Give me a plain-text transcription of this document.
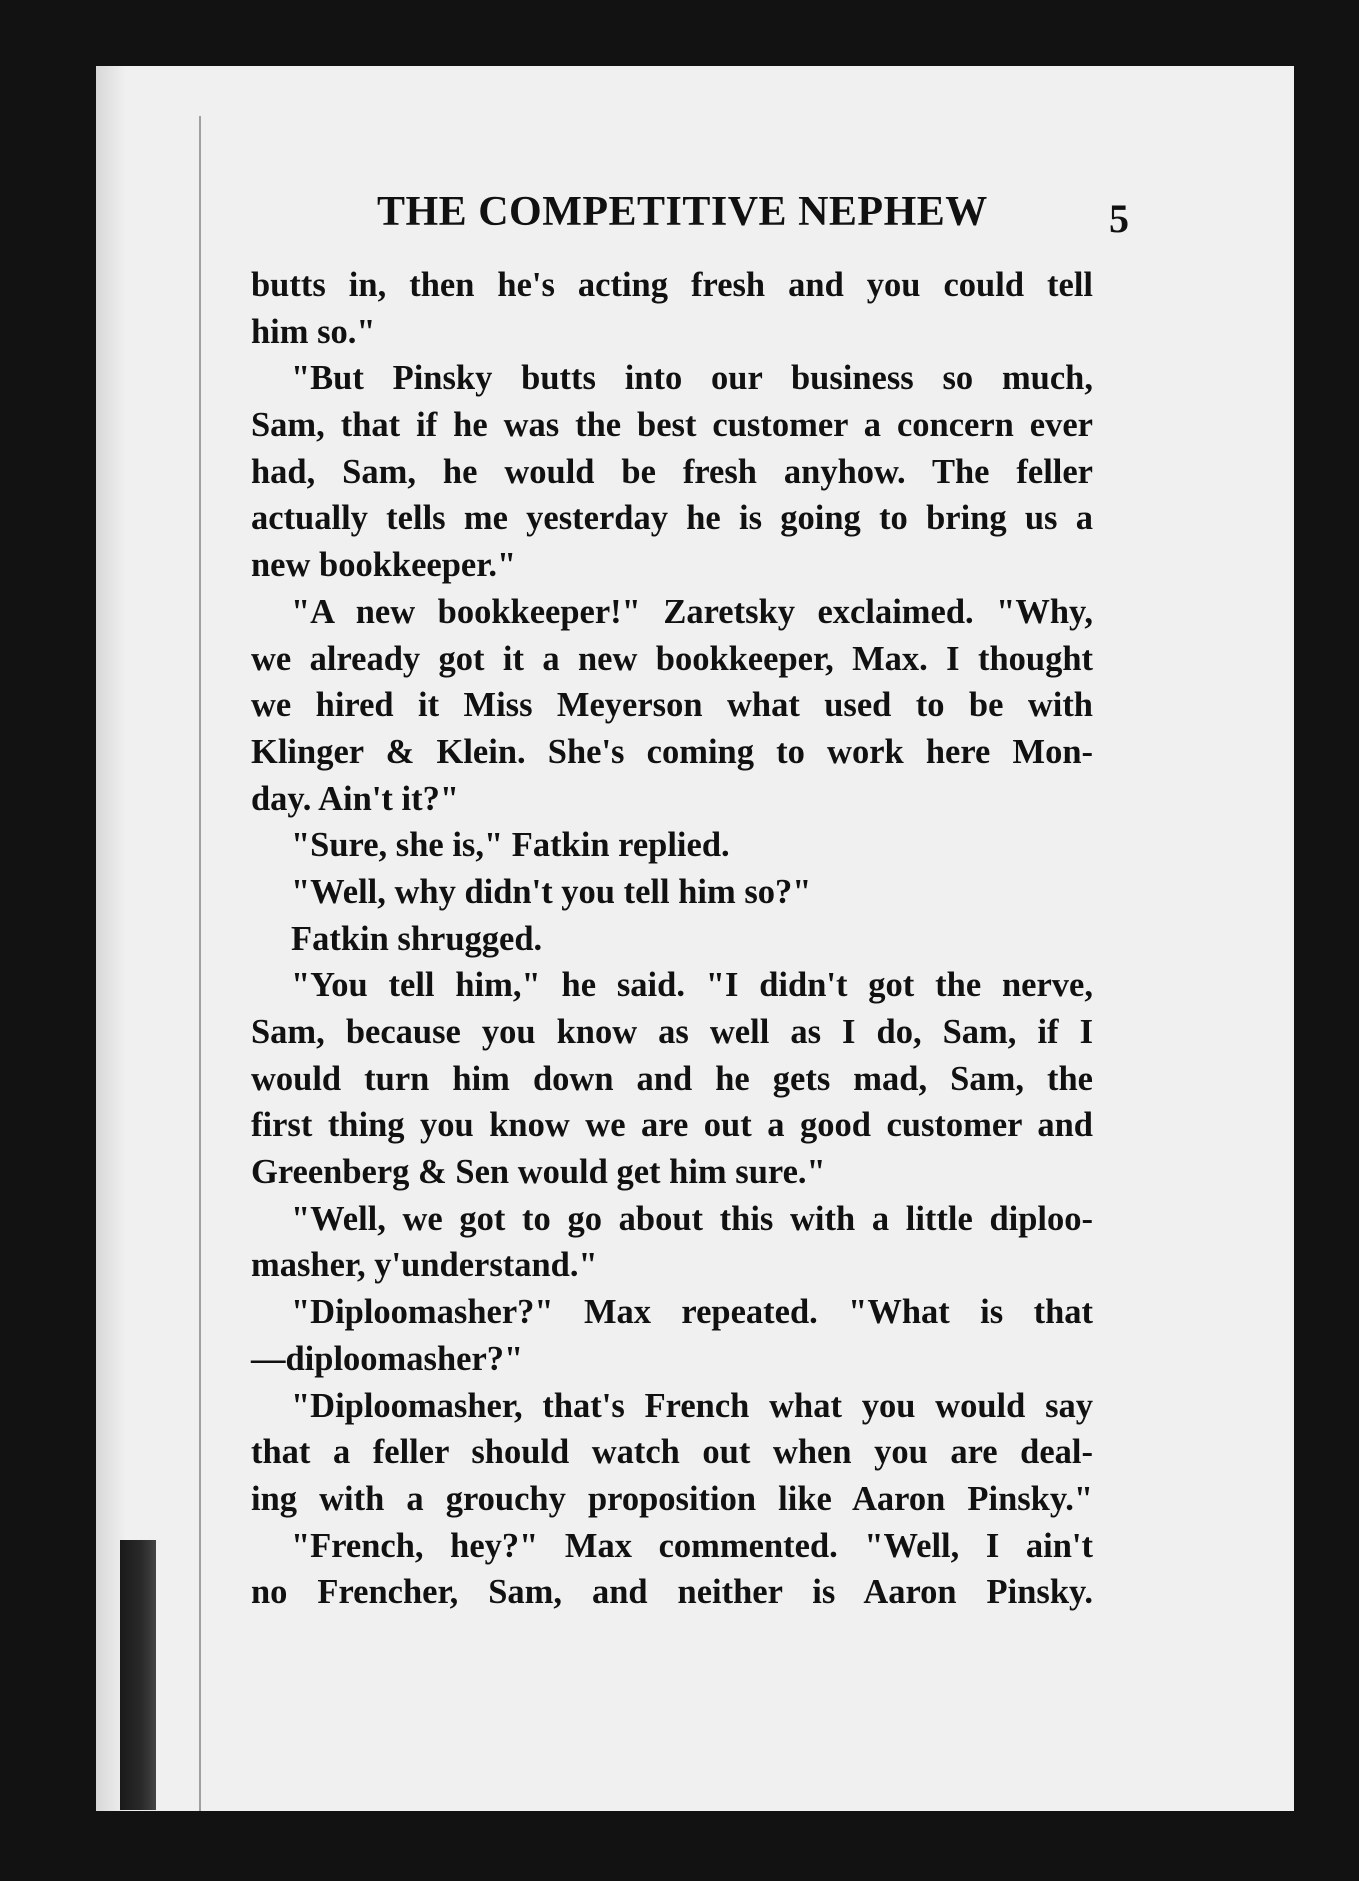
THE COMPETITIVE NEPHEW	5
butts in, then he's acting fresh and you could tell
him so."
"But Pinsky butts into our business so much,
Sam, that if he was the best customer a concern ever
had, Sam, he would be fresh anyhow. The feller
actually tells me yesterday he is going to bring us a
new bookkeeper."
"A new bookkeeper!" Zaretsky exclaimed. "Why,
we already got it a new bookkeeper, Max. I thought
we hired it Miss Meyerson what used to be with
Klinger & Klein. She's coming to work here Mon-
day. Ain't it?"
"Sure, she is," Fatkin replied.
"Well, why didn't you tell him so?"
Fatkin shrugged.
"You tell him," he said. "I didn't got the nerve,
Sam, because you know as well as I do, Sam, if I
would turn him down and he gets mad, Sam, the
first thing you know we are out a good customer and
Greenberg & Sen would get him sure."
"Well, we got to go about this with a little diploo-
masher, y'understand."
"Diploomasher?" Max repeated. "What is that
—diploomasher?"
"Diploomasher, that's French what you would say
that a feller should watch out when you are deal-
ing with a grouchy proposition like Aaron Pinsky."
"French, hey?" Max commented. "Well, I ain't
no Frencher, Sam, and neither is Aaron Pinsky.
